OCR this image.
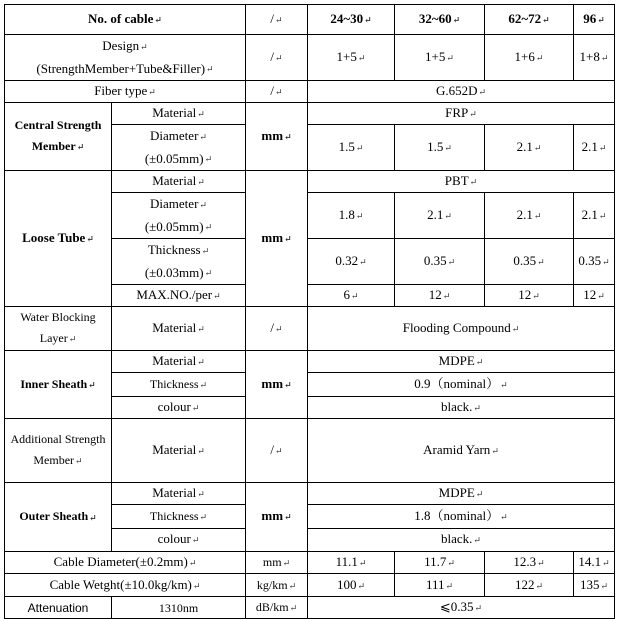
No. of cable↵		/↵	24~30↵	32~60↵	62~72↵	96↵
Design↵
(StrengthMember+Tube&Filler)↵		/↵	1+5↵	1+5↵	1+6↵	1+8↵
Fiber type↵		/↵	G.652D↵			
Central Strength Member↵	Material↵	mm↵	FRP↵			
	Diameter↵
(±0.05mm)↵		1.5↵	1.5↵	2.1↵	2.1↵
Loose Tube↵	Material↵	mm↵	PBT↵			
	Diameter↵
(±0.05mm)↵		1.8↵	2.1↵	2.1↵	2.1↵
	Thickness↵
(±0.03mm)↵		0.32↵	0.35↵	0.35↵	0.35↵
	MAX.NO./per↵		6↵	12↵	12↵	12↵
Water Blocking Layer↵	Material↵	/↵	Flooding Compound↵			
Inner Sheath↵	Material↵	mm↵	MDPE↵			
	Thickness↵		0.9（nominal）↵			
	colour↵		black.↵			
Additional Strength Member↵	Material↵	/↵	Aramid Yarn↵			
Outer Sheath↵	Material↵	mm↵	MDPE↵			
	Thickness↵		1.8（nominal）↵			
	colour↵		black.↵			
Cable Diameter(±0.2mm)↵		mm↵	11.1↵	11.7↵	12.3↵	14.1↵
Cable Wetght(±10.0kg/km)↵		kg/km↵	100↵	111↵	122↵	135↵
Attenuation	1310nm	dB/km↵	⩽0.35↵			
